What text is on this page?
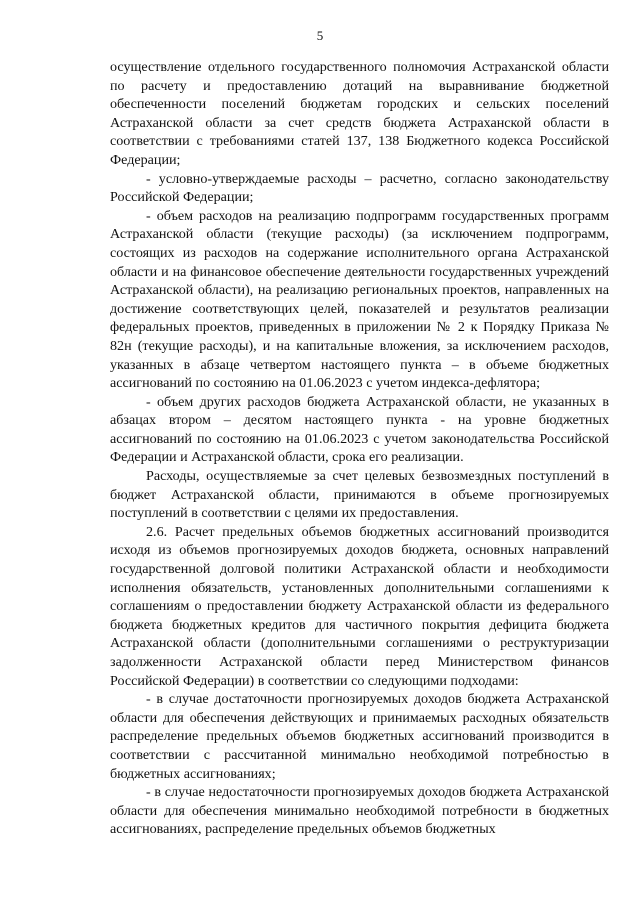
5

осуществление отдельного государственного полномочия Астраханской области по расчету и предоставлению дотаций на выравнивание бюджетной обеспеченности поселений бюджетам городских и сельских поселений Астраханской области за счет средств бюджета Астраханской области в соответствии с требованиями статей 137, 138 Бюджетного кодекса Российской Федерации;

- условно-утверждаемые расходы – расчетно, согласно законодательству Российской Федерации;

- объем расходов на реализацию подпрограмм государственных программ Астраханской области (текущие расходы) (за исключением подпрограмм, состоящих из расходов на содержание исполнительного органа Астраханской области и на финансовое обеспечение деятельности государственных учреждений Астраханской области), на реализацию региональных проектов, направленных на достижение соответствующих целей, показателей и результатов реализации федеральных проектов, приведенных в приложении № 2 к Порядку Приказа № 82н (текущие расходы), и на капитальные вложения, за исключением расходов, указанных в абзаце четвертом настоящего пункта – в объеме бюджетных ассигнований по состоянию на 01.06.2023 с учетом индекса-дефлятора;

- объем других расходов бюджета Астраханской области, не указанных в абзацах втором – десятом настоящего пункта - на уровне бюджетных ассигнований по состоянию на 01.06.2023 с учетом законодательства Российской Федерации и Астраханской области, срока его реализации.

Расходы, осуществляемые за счет целевых безвозмездных поступлений в бюджет Астраханской области, принимаются в объеме прогнозируемых поступлений в соответствии с целями их предоставления.

2.6. Расчет предельных объемов бюджетных ассигнований производится исходя из объемов прогнозируемых доходов бюджета, основных направлений государственной долговой политики Астраханской области и необходимости исполнения обязательств, установленных дополнительными соглашениями к соглашениям о предоставлении бюджету Астраханской области из федерального бюджета бюджетных кредитов для частичного покрытия дефицита бюджета Астраханской области (дополнительными соглашениями о реструктуризации задолженности Астраханской области перед Министерством финансов Российской Федерации) в соответствии со следующими подходами:

- в случае достаточности прогнозируемых доходов бюджета Астраханской области для обеспечения действующих и принимаемых расходных обязательств распределение предельных объемов бюджетных ассигнований производится в соответствии с рассчитанной минимально необходимой потребностью в бюджетных ассигнованиях;

- в случае недостаточности прогнозируемых доходов бюджета Астраханской области для обеспечения минимально необходимой потребности в бюджетных ассигнованиях, распределение предельных объемов бюджетных
